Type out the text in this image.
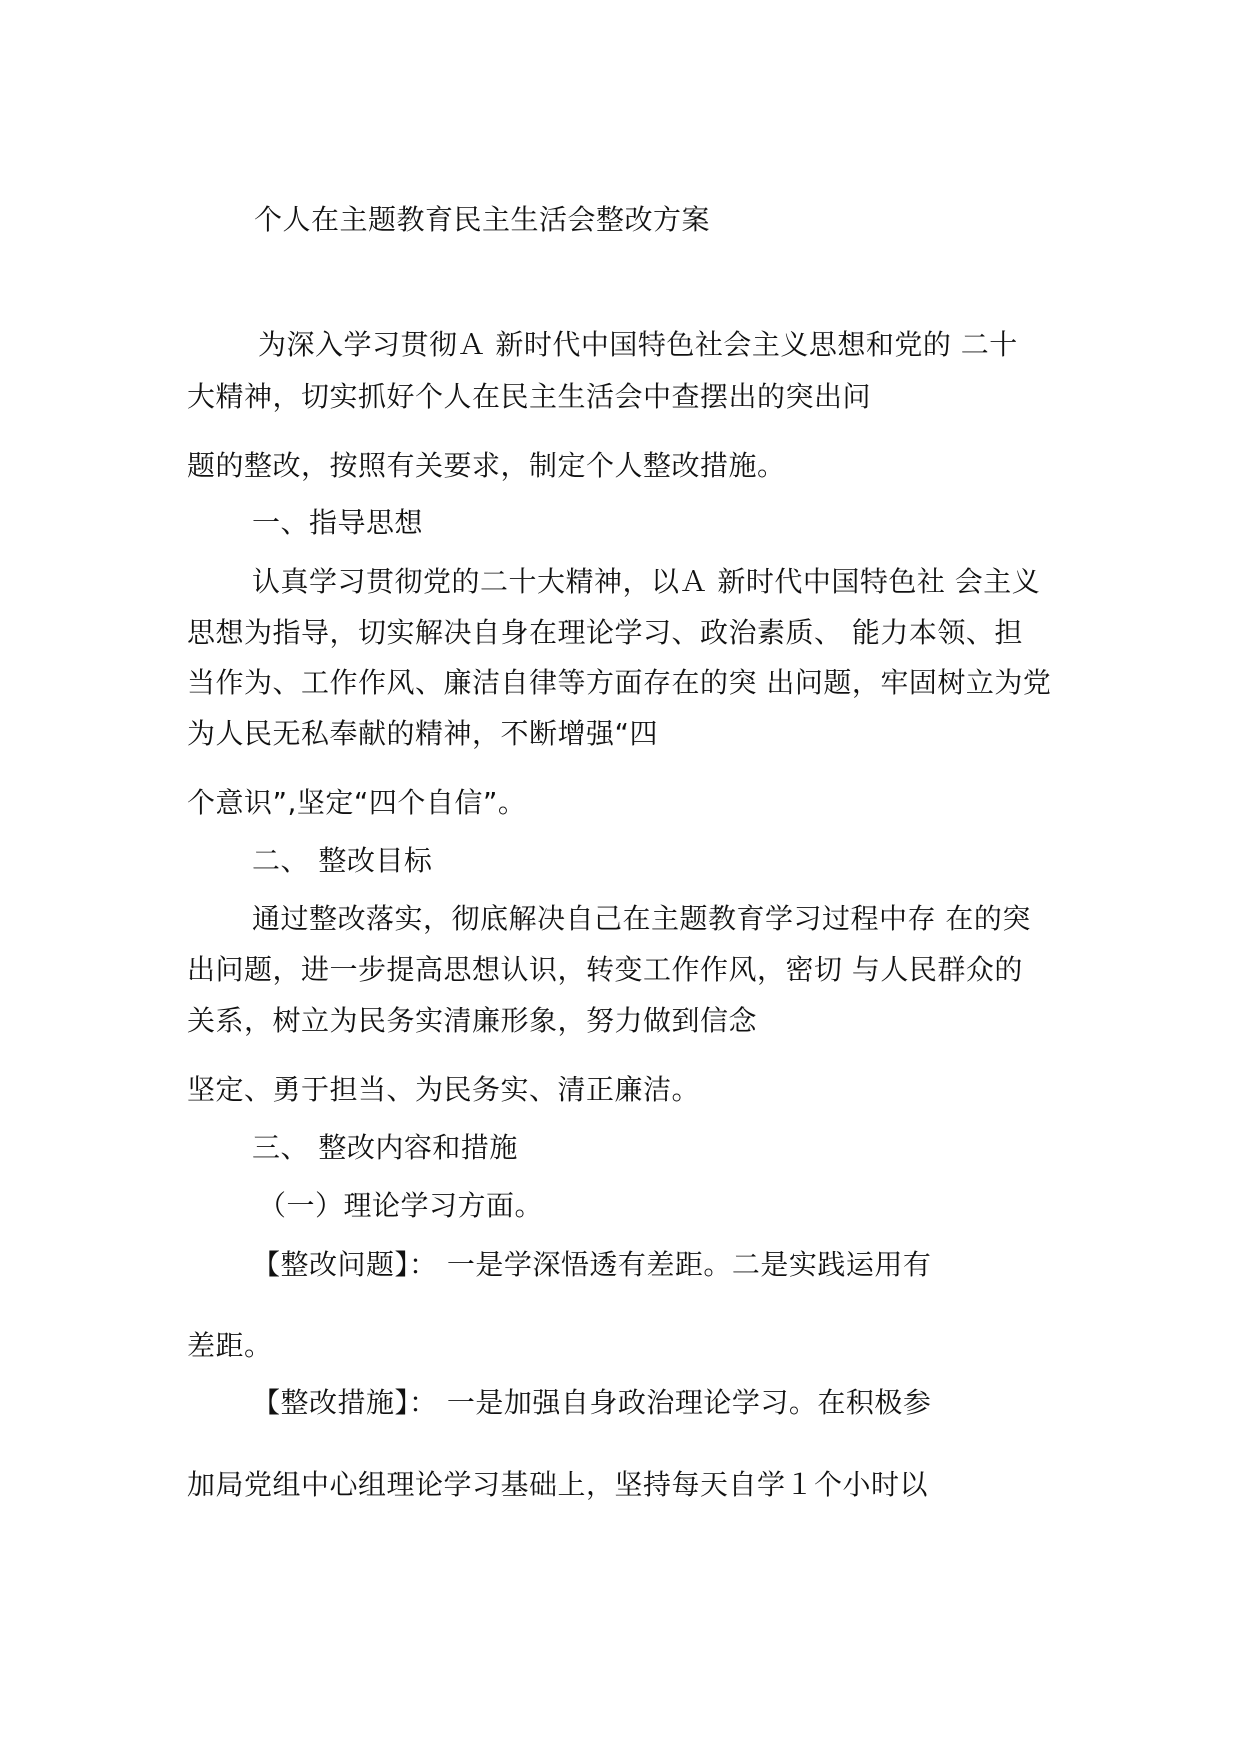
个人在主题教育民主生活会整改方案
为深入学习贯彻Ａ 新时代中国特色社会主义思想和党的 二十
大精神，切实抓好个人在民主生活会中查摆出的突出问
题的整改，按照有关要求，制定个人整改措施。
一、指导思想
认真学习贯彻党的二十大精神，以Ａ 新时代中国特色社 会主义
思想为指导，切实解决自身在理论学习、政治素质、 能力本领、担
当作为、工作作风、廉洁自律等方面存在的突 出问题，牢固树立为党
为人民无私奉献的精神，不断增强“四
个意识”,坚定“四个自信”。
二、 整改目标
通过整改落实，彻底解决自己在主题教育学习过程中存 在的突
出问题，进一步提高思想认识，转变工作作风，密切 与人民群众的
关系，树立为民务实清廉形象，努力做到信念
坚定、勇于担当、为民务实、清正廉洁。
三、 整改内容和措施
（一）理论学习方面。
【整改问题】： 一是学深悟透有差距。二是实践运用有
差距。
【整改措施】： 一是加强自身政治理论学习。在积极参
加局党组中心组理论学习基础上，坚持每天自学１个小时以
